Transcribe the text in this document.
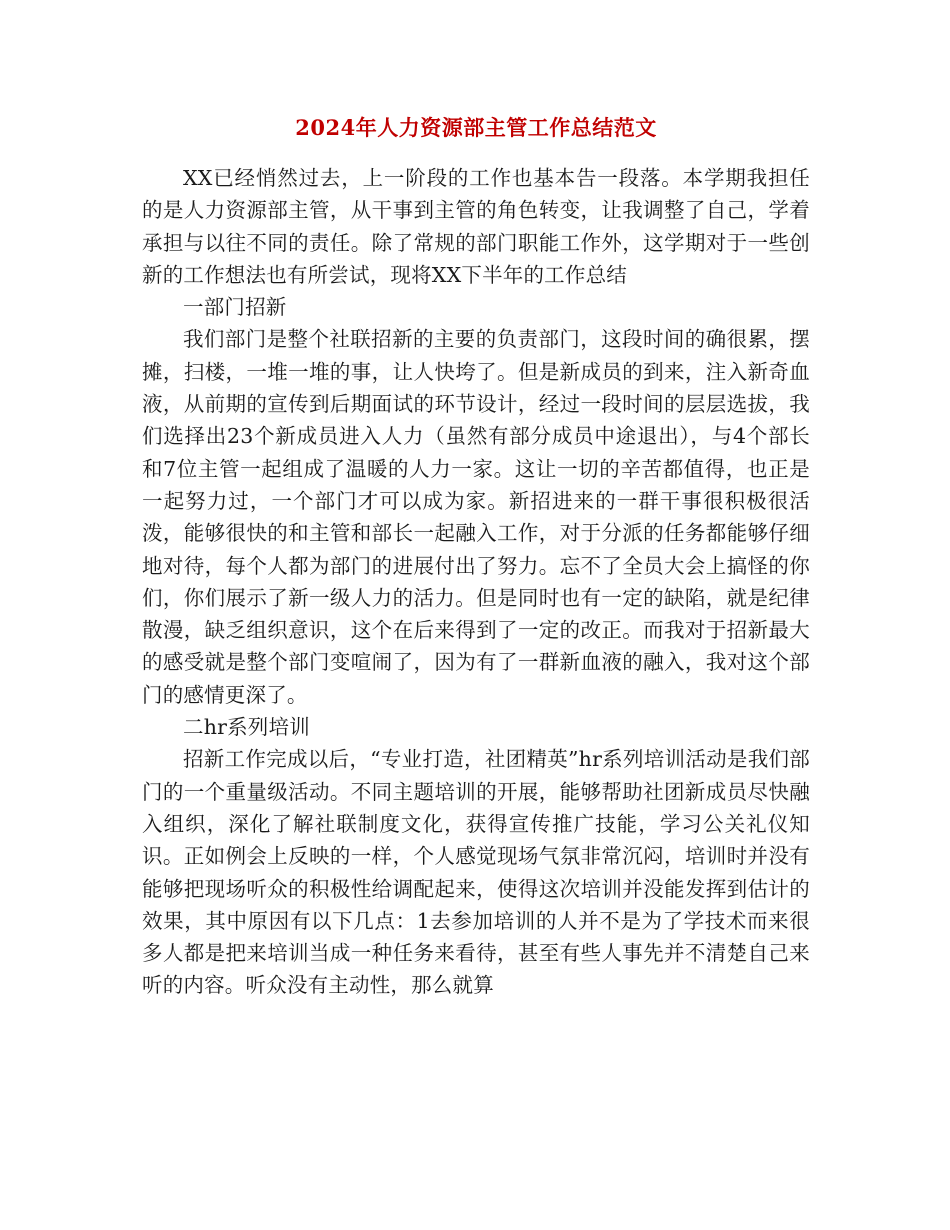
2024年人力资源部主管工作总结范文

XX已经悄然过去，上一阶段的工作也基本告一段落。本学期我担任的是人力资源部主管，从干事到主管的角色转变，让我调整了自己，学着承担与以往不同的责任。除了常规的部门职能工作外，这学期对于一些创新的工作想法也有所尝试，现将XX下半年的工作总结

一部门招新

我们部门是整个社联招新的主要的负责部门，这段时间的确很累，摆摊，扫楼，一堆一堆的事，让人快垮了。但是新成员的到来，注入新奇血液，从前期的宣传到后期面试的环节设计，经过一段时间的层层选拔，我们选择出23个新成员进入人力（虽然有部分成员中途退出），与4个部长和7位主管一起组成了温暖的人力一家。这让一切的辛苦都值得，也正是一起努力过，一个部门才可以成为家。新招进来的一群干事很积极很活泼，能够很快的和主管和部长一起融入工作，对于分派的任务都能够仔细地对待，每个人都为部门的进展付出了努力。忘不了全员大会上搞怪的你们，你们展示了新一级人力的活力。但是同时也有一定的缺陷，就是纪律散漫，缺乏组织意识，这个在后来得到了一定的改正。而我对于招新最大的感受就是整个部门变喧闹了，因为有了一群新血液的融入，我对这个部门的感情更深了。

二hr系列培训

招新工作完成以后，“专业打造，社团精英”hr系列培训活动是我们部门的一个重量级活动。不同主题培训的开展，能够帮助社团新成员尽快融入组织，深化了解社联制度文化，获得宣传推广技能，学习公关礼仪知识。正如例会上反映的一样，个人感觉现场气氛非常沉闷，培训时并没有能够把现场听众的积极性给调配起来，使得这次培训并没能发挥到估计的效果，其中原因有以下几点：1去参加培训的人并不是为了学技术而来很多人都是把来培训当成一种任务来看待，甚至有些人事先并不清楚自己来听的内容。听众没有主动性，那么就算
